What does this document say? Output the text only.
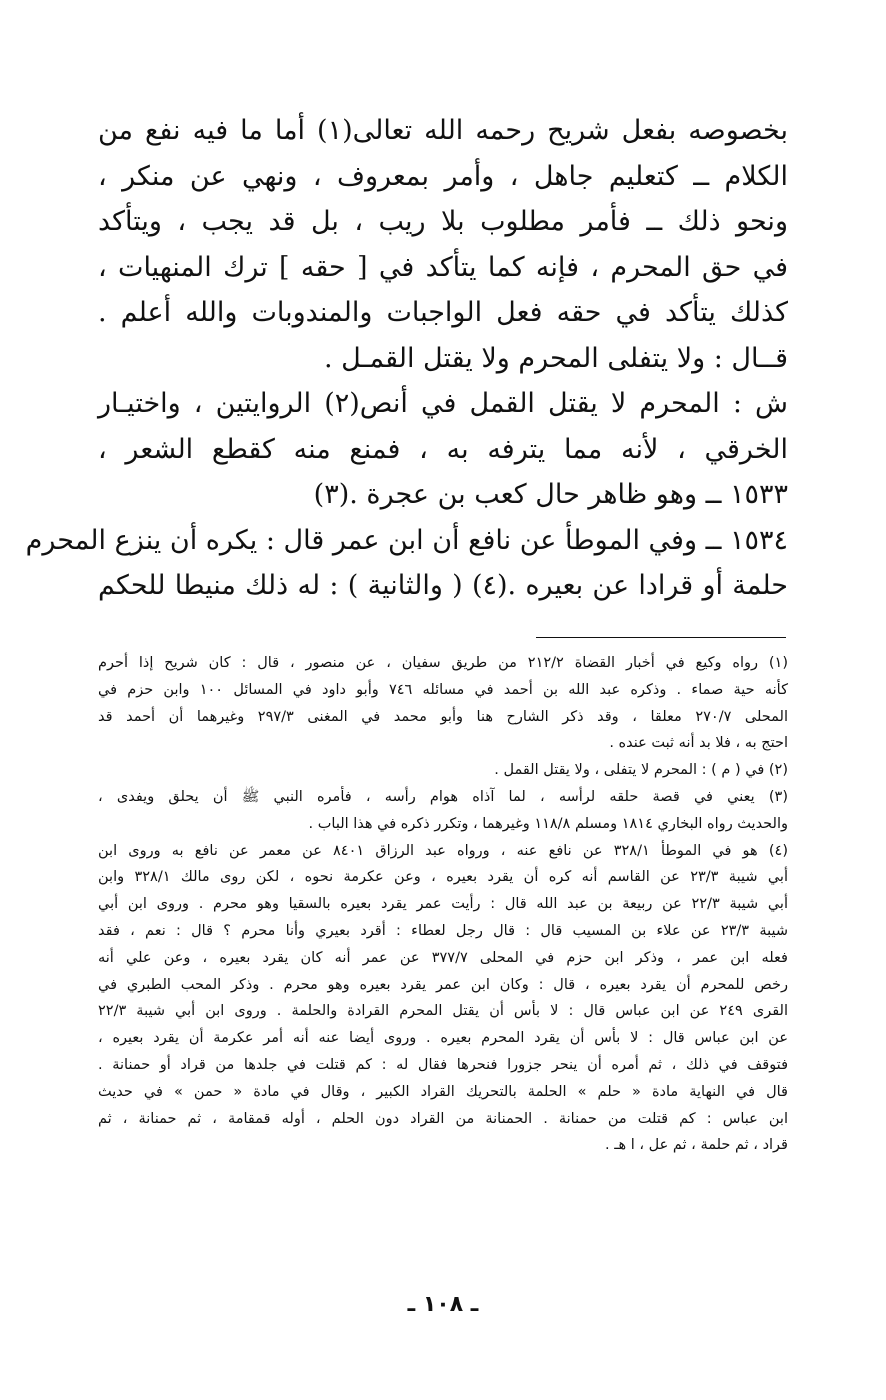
بخصوصه بفعل شريح رحمه الله تعالى(١) أما ما فيه نفع من
الكلام ــ كتعليم جاهل ، وأمر بمعروف ، ونهي عن منكر ،
ونحو ذلك ــ فأمر مطلوب بلا ريب ، بل قد يجب ، ويتأكد
في حق المحرم ، فإنه كما يتأكد في [ حقه ] ترك المنهيات ،
كذلك يتأكد في حقه فعل الواجبات والمندوبات والله أعلم .
قــال : ولا يتفلى المحرم ولا يقتل القمـل .
ش : المحرم لا يقتل القمل في أنص(٢) الروايتين ، واختيـار
الخرقي ، لأنه مما يترفه به ، فمنع منه كقطع الشعر ،
١٥٣٣ ــ وهو ظاهر حال كعب بن عجرة .(٣)
١٥٣٤ ــ وفي الموطأ عن نافع أن ابن عمر قال : يكره أن ينزع المحرم
حلمة أو قرادا عن بعيره .(٤) ( والثانية ) : له ذلك منيطا للحكم
(١) رواه وكيع في أخبار القضاة ٢١٢/٢ من طريق سفيان ، عن منصور ، قال : كان شريح إذا أحرم
كأنه حية صماء . وذكره عبد الله بن أحمد في مسائله ٧٤٦ وأبو داود في المسائل ١٠٠ وابن حزم في
المحلى ٢٧٠/٧ معلقا ، وقد ذكر الشارح هنا وأبو محمد في المغنى ٢٩٧/٣ وغيرهما أن أحمد قد
احتج به ، فلا بد أنه ثبت عنده .
(٢) في ( م ) : المحرم لا يتفلى ، ولا يقتل القمل .
(٣) يعني في قصة حلقه لرأسه ، لما آذاه هوام رأسه ، فأمره النبي ﷺ أن يحلق ويفدى ،
والحديث رواه البخاري ١٨١٤ ومسلم ١١٨/٨ وغيرهما ، وتكرر ذكره في هذا الباب .
(٤) هو في الموطأ ٣٢٨/١ عن نافع عنه ، ورواه عبد الرزاق ٨٤٠١ عن معمر عن نافع به وروى ابن
أبي شيبة ٢٣/٣ عن القاسم أنه كره أن يقرد بعيره ، وعن عكرمة نحوه ، لكن روى مالك ٣٢٨/١ وابن
أبي شيبة ٢٢/٣ عن ربيعة بن عبد الله قال : رأيت عمر يقرد بعيره بالسقيا وهو محرم . وروى ابن أبي
شيبة ٢٣/٣ عن علاء بن المسيب قال : قال رجل لعطاء : أقرد بعيري وأنا محرم ؟ قال : نعم ، فقد
فعله ابن عمر ، وذكر ابن حزم في المحلى ٣٧٧/٧ عن عمر أنه كان يقرد بعيره ، وعن علي أنه
رخص للمحرم أن يقرد بعيره ، قال : وكان ابن عمر يقرد بعيره وهو محرم . وذكر المحب الطبري في
القرى ٢٤٩ عن ابن عباس قال : لا بأس أن يقتل المحرم القرادة والحلمة . وروى ابن أبي شيبة ٢٢/٣
عن ابن عباس قال : لا بأس أن يقرد المحرم بعيره . وروى أيضا عنه أنه أمر عكرمة أن يقرد بعيره ،
فتوقف في ذلك ، ثم أمره أن ينحر جزورا فنحرها فقال له : كم قتلت في جلدها من قراد أو حمنانة .
قال في النهاية مادة « حلم » الحلمة بالتحريك القراد الكبير ، وقال في مادة « حمن » في حديث
ابن عباس : كم قتلت من حمنانة . الحمنانة من القراد دون الحلم ، أوله قمقامة ، ثم حمنانة ، ثم
قراد ، ثم حلمة ، ثم عل ، ا هـ .
ـ ١٠٨ ـ
